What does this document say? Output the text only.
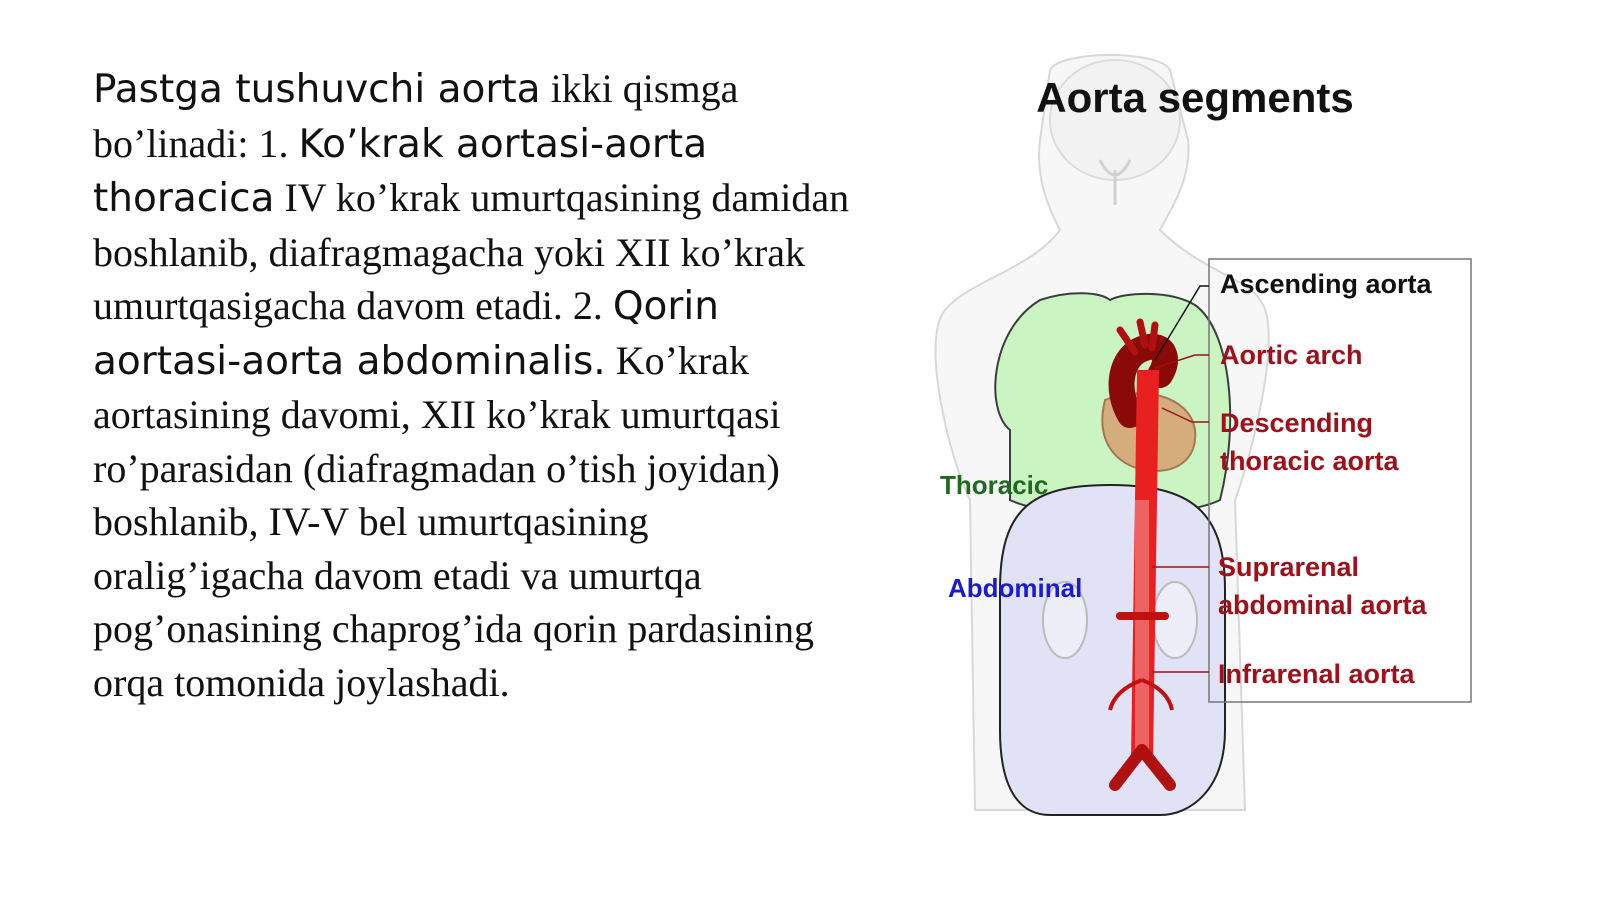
Pastga tushuvchi aorta ikki qismga bo’linadi: 1. Ko’krak aortasi-aorta thoracica IV ko’krak umurtqasining damidan boshlanib, diafragmagacha yoki XII ko’krak umurtqasigacha davom etadi. 2. Qorin aortasi-aorta abdominalis. Ko’krak aortasining davomi, XII ko’krak umurtqasi ro’parasidan (diafragmadan o’tish joyidan) boshlanib, IV-V bel umurtqasining oralig’igacha davom etadi va umurtqa pog’onasining chaprog’ida qorin pardasining orqa tomonida joylashadi.
Aorta segments
Ascending aorta
Aortic arch
Descending
thoracic aorta
Suprarenal
abdominal aorta
Infrarenal aorta
Thoracic
Abdominal
